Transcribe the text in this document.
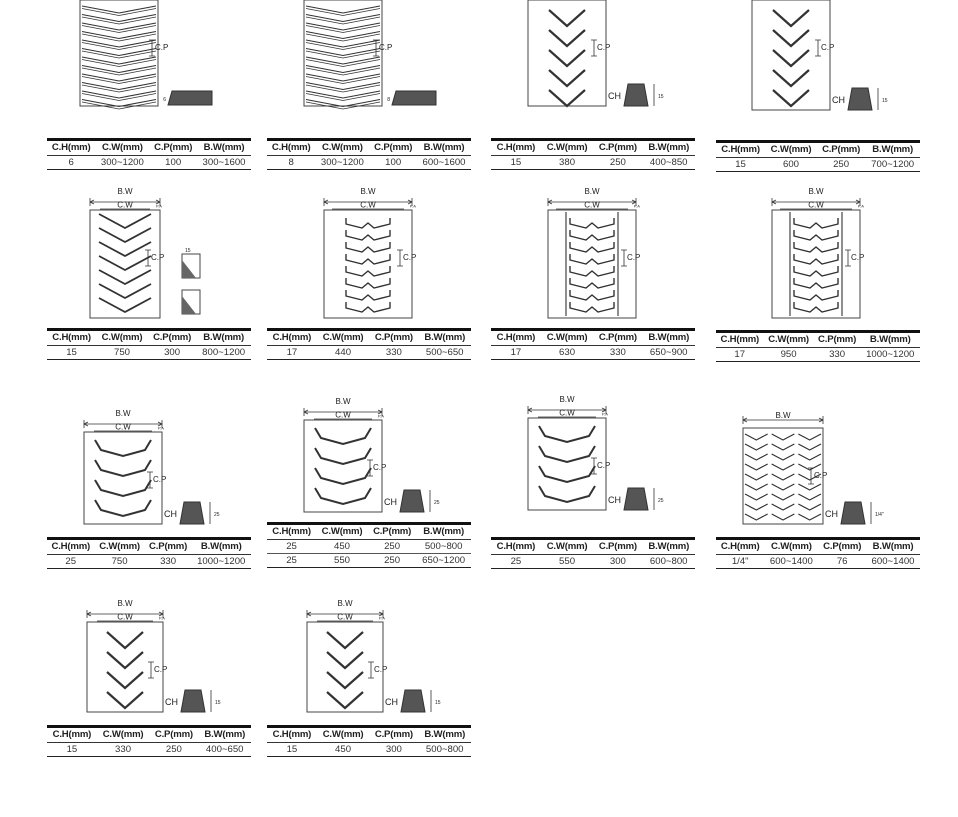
C.P
6
C.H(mm)	C.W(mm)	C.P(mm)	B.W(mm)
6	300~1200	100	300~1600
C.P
8
C.H(mm)	C.W(mm)	C.P(mm)	B.W(mm)
8	300~1200	100	600~1600
C.P
CH	15
C.H(mm)	C.W(mm)	C.P(mm)	B.W(mm)
15	380	250	400~850
C.P
CH	15
C.H(mm)	C.W(mm)	C.P(mm)	B.W(mm)
15	600	250	700~1200
B.W
C.W	P.A
C.P
15
C.H(mm)	C.W(mm)	C.P(mm)	B.W(mm)
15	750	300	800~1200
B.W
C.W	P.A
C.P
C.H(mm)	C.W(mm)	C.P(mm)	B.W(mm)
17	440	330	500~650
B.W
C.W	P.A
C.P
C.H(mm)	C.W(mm)	C.P(mm)	B.W(mm)
17	630	330	650~900
B.W
C.W	P.A
C.P
C.H(mm)	C.W(mm)	C.P(mm)	B.W(mm)
17	950	330	1000~1200
B.W
C.W	P.A
C.P
CH	25
C.H(mm)	C.W(mm)	C.P(mm)	B.W(mm)
25	750	330	1000~1200
B.W
C.W	P.A
C.P
CH	25
C.H(mm)	C.W(mm)	C.P(mm)	B.W(mm)
25	450	250	500~800
25	550	250	650~1200
B.W
C.W	P.A
C.P
CH	25
C.H(mm)	C.W(mm)	C.P(mm)	B.W(mm)
25	550	300	600~800
B.W
C.P
CH	1/4"
C.H(mm)	C.W(mm)	C.P(mm)	B.W(mm)
1/4"	600~1400	76	600~1400
B.W
C.W	P.A
C.P
CH	15
C.H(mm)	C.W(mm)	C.P(mm)	B.W(mm)
15	330	250	400~650
B.W
C.W	P.A
C.P
CH	15
C.H(mm)	C.W(mm)	C.P(mm)	B.W(mm)
15	450	300	500~800
